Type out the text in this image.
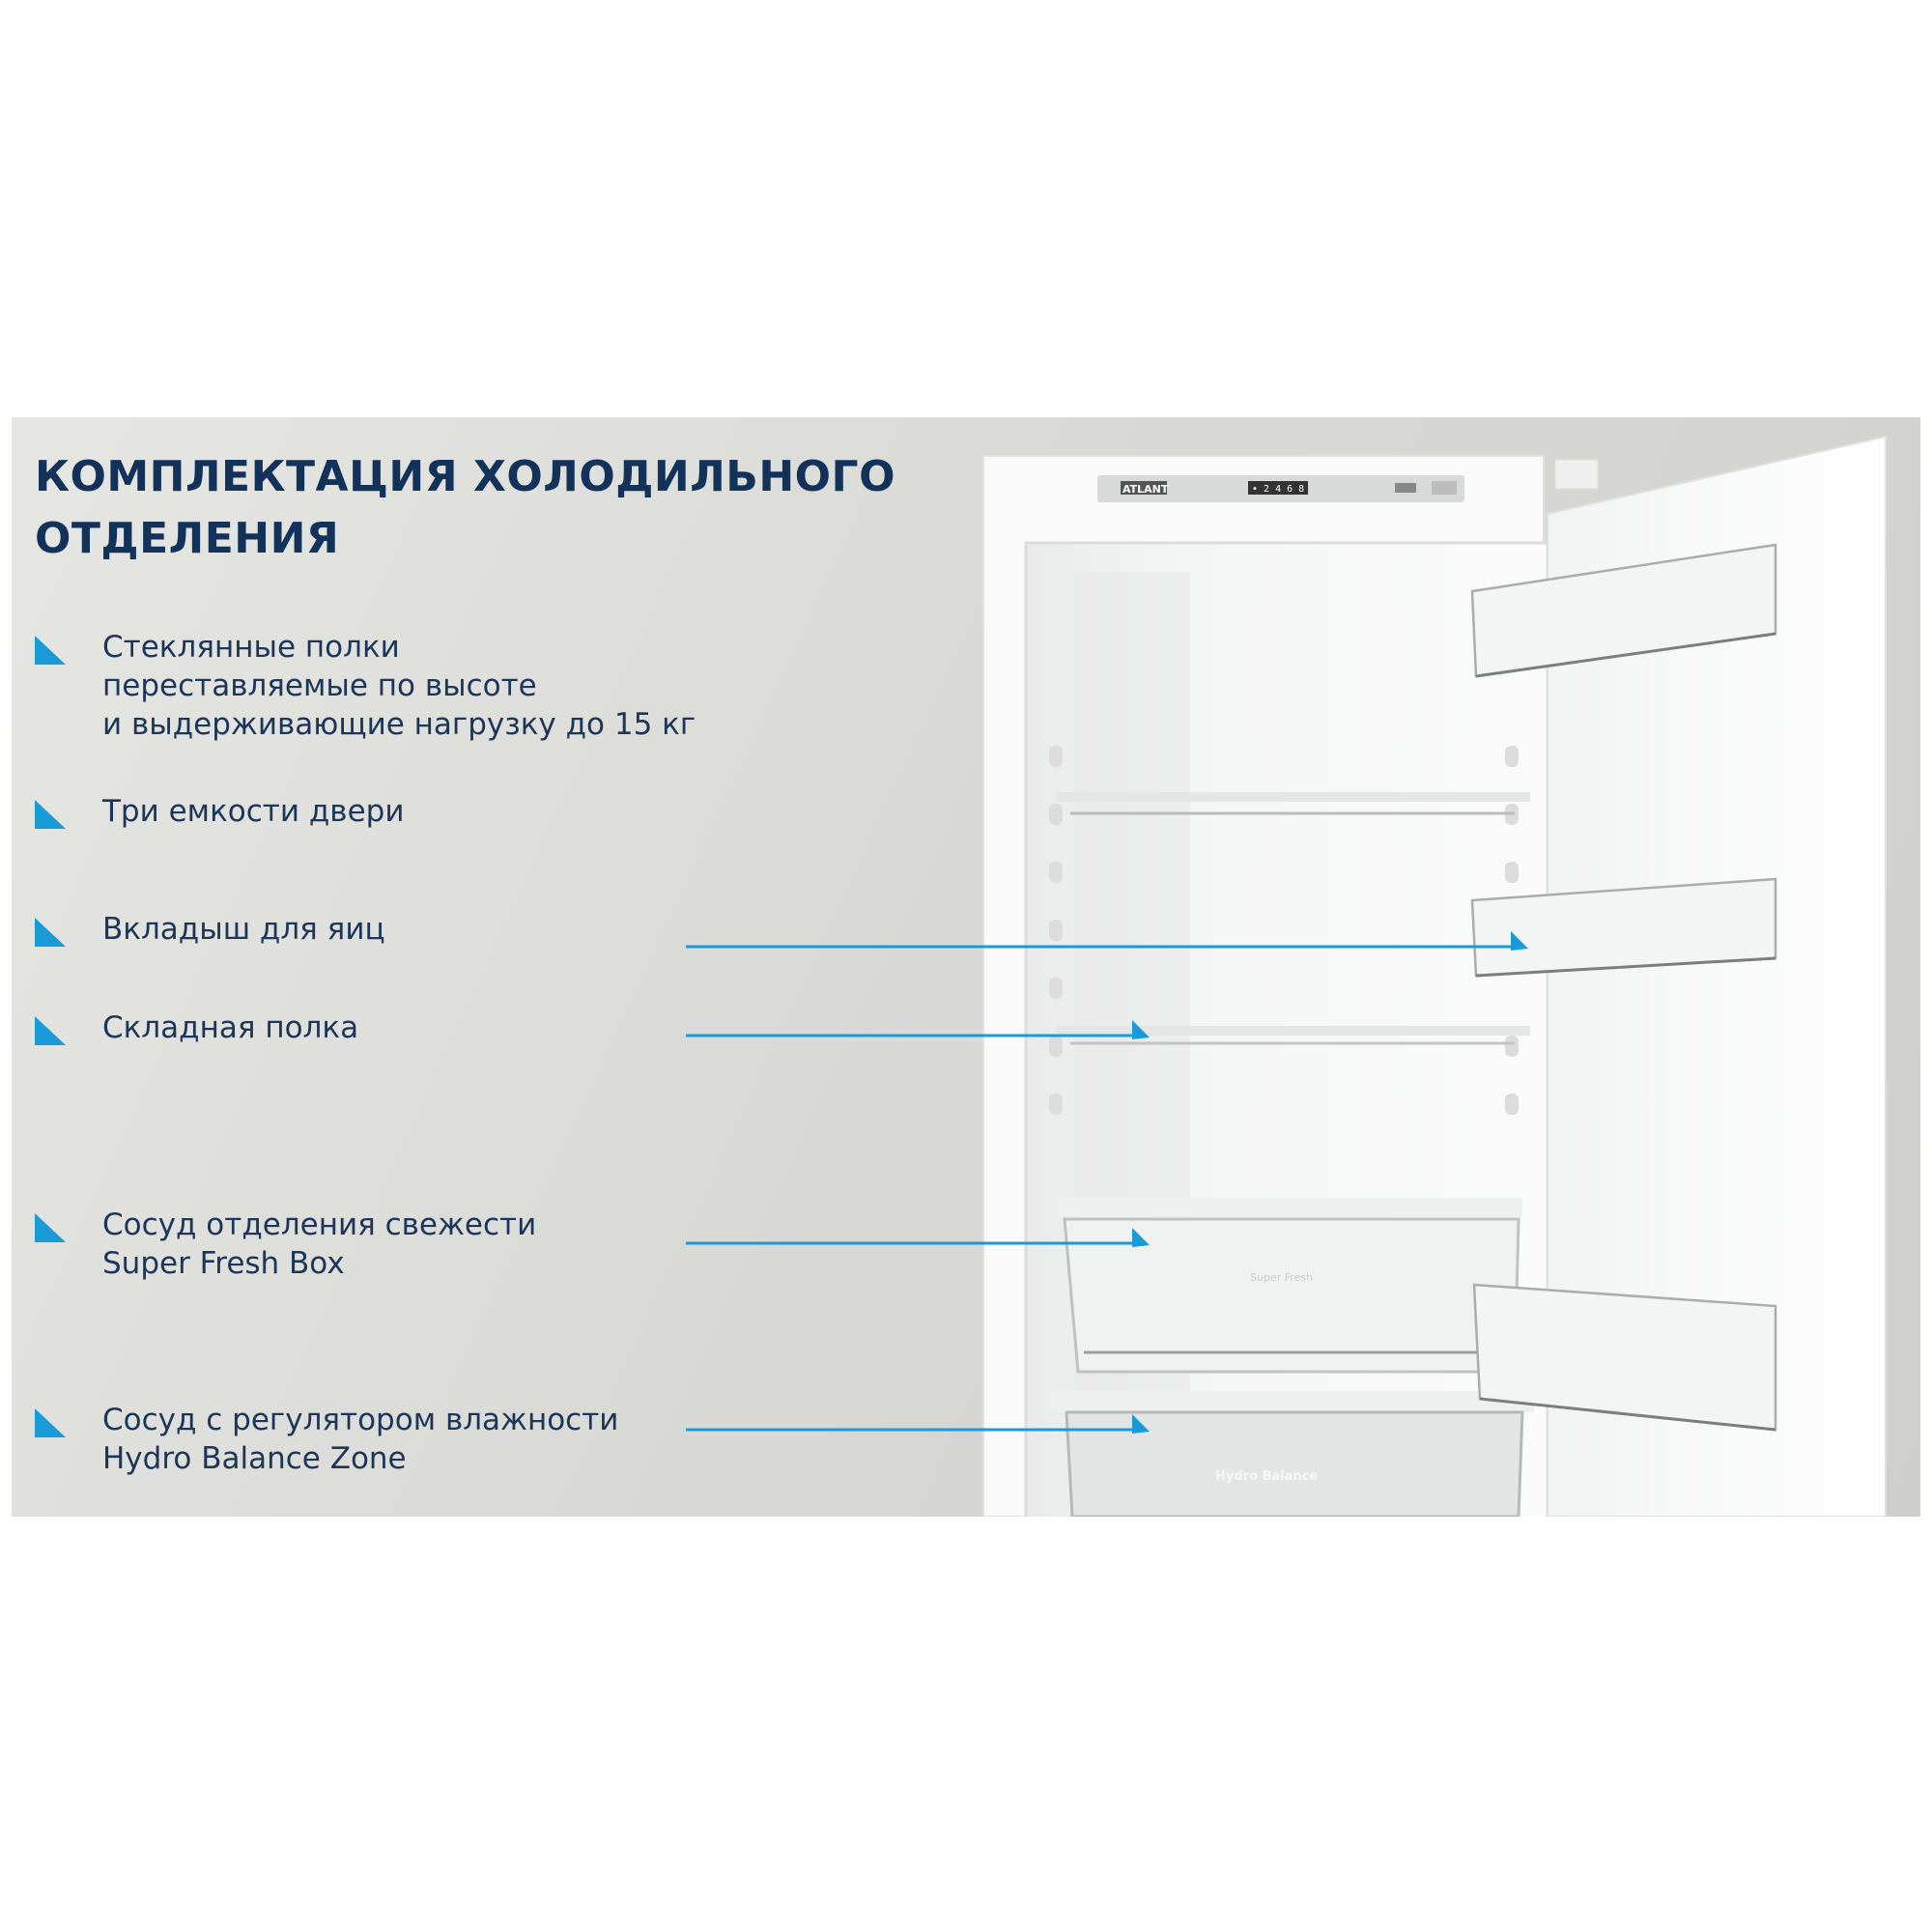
ATLANT	• 2 4 6 8
Super Fresh
Hydro Balance
КОМПЛЕКТАЦИЯ ХОЛОДИЛЬНОГО
ОТДЕЛЕНИЯ
Стеклянные полки
переставляемые по высоте
и выдерживающие нагрузку до 15 кг
Три емкости двери
Вкладыш для яиц
Складная полка
Сосуд отделения свежести
Super Fresh Box
Сосуд с регулятором влажности
Hydro Balance Zone
